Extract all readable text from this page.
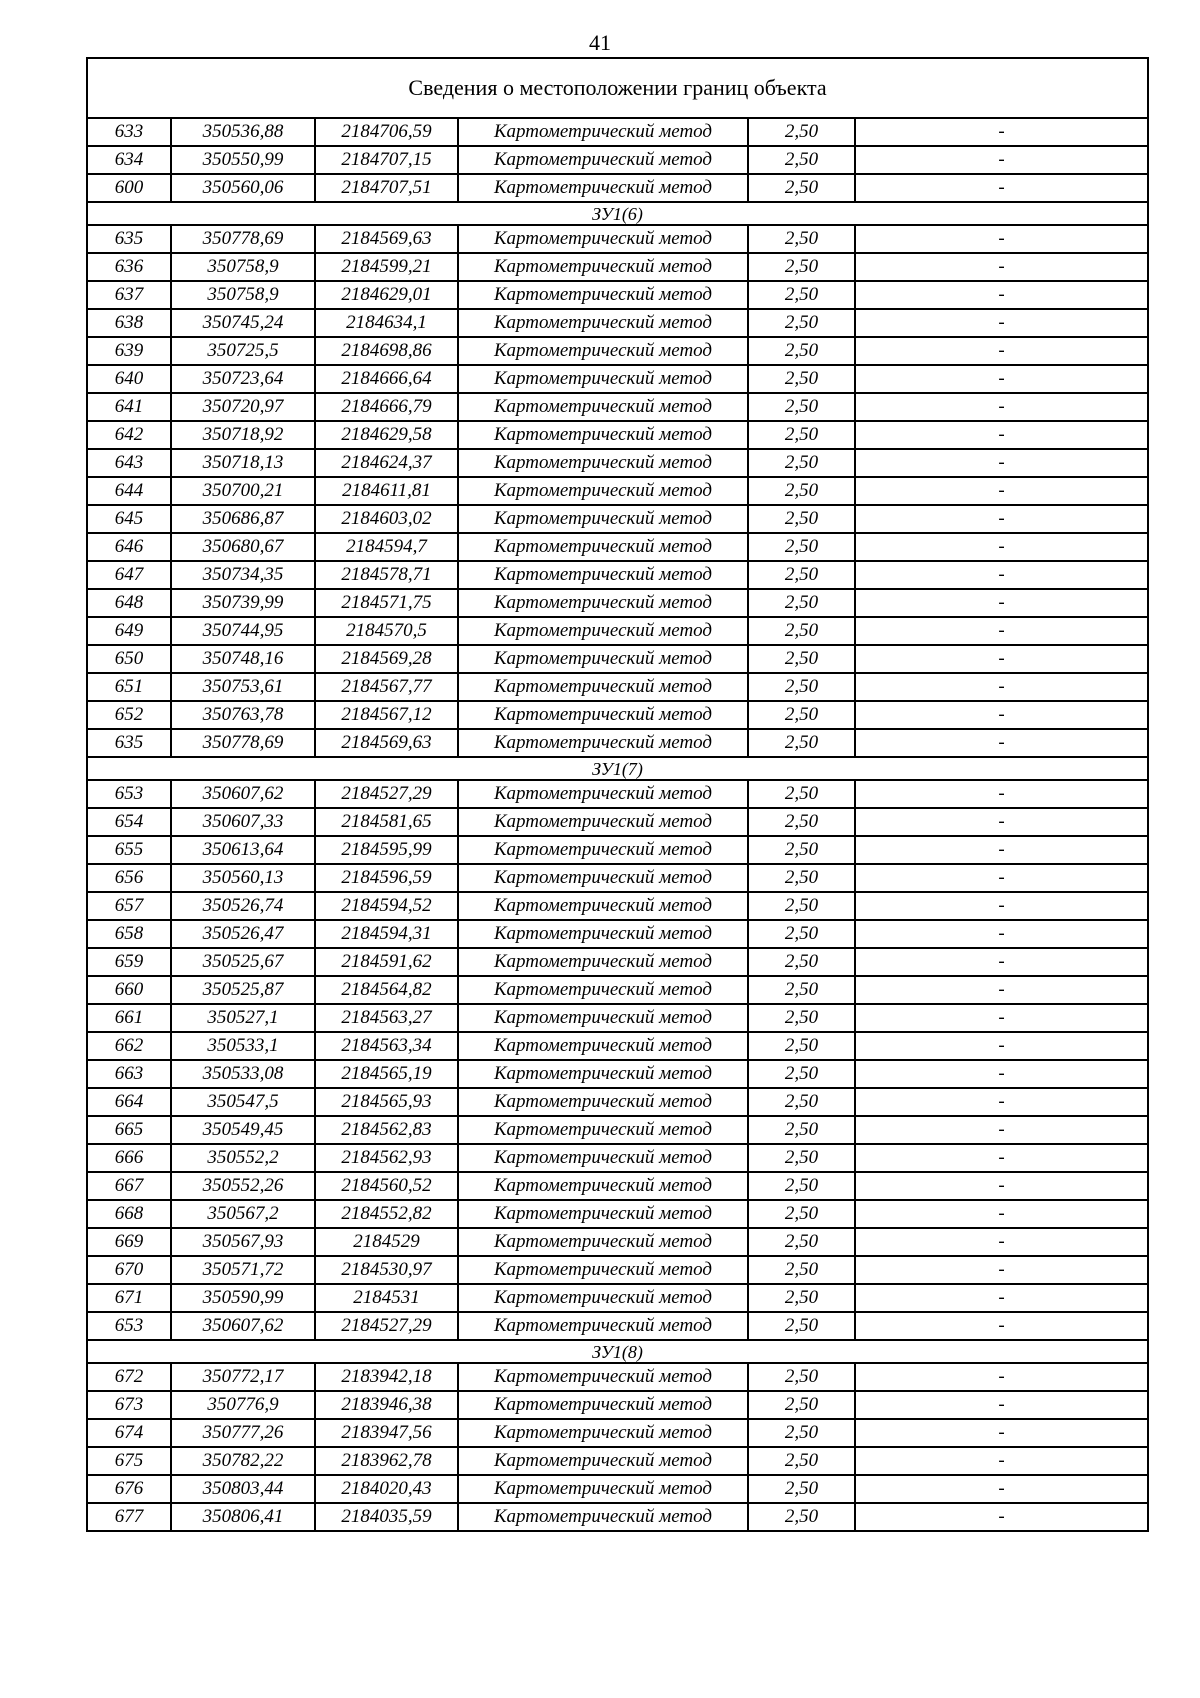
41
Сведения о местоположении границ объекта					
633	350536,88	2184706,59	Картометрический метод	2,50	-
634	350550,99	2184707,15	Картометрический метод	2,50	-
600	350560,06	2184707,51	Картометрический метод	2,50	-
ЗУ1(6)					
635	350778,69	2184569,63	Картометрический метод	2,50	-
636	350758,9	2184599,21	Картометрический метод	2,50	-
637	350758,9	2184629,01	Картометрический метод	2,50	-
638	350745,24	2184634,1	Картометрический метод	2,50	-
639	350725,5	2184698,86	Картометрический метод	2,50	-
640	350723,64	2184666,64	Картометрический метод	2,50	-
641	350720,97	2184666,79	Картометрический метод	2,50	-
642	350718,92	2184629,58	Картометрический метод	2,50	-
643	350718,13	2184624,37	Картометрический метод	2,50	-
644	350700,21	2184611,81	Картометрический метод	2,50	-
645	350686,87	2184603,02	Картометрический метод	2,50	-
646	350680,67	2184594,7	Картометрический метод	2,50	-
647	350734,35	2184578,71	Картометрический метод	2,50	-
648	350739,99	2184571,75	Картометрический метод	2,50	-
649	350744,95	2184570,5	Картометрический метод	2,50	-
650	350748,16	2184569,28	Картометрический метод	2,50	-
651	350753,61	2184567,77	Картометрический метод	2,50	-
652	350763,78	2184567,12	Картометрический метод	2,50	-
635	350778,69	2184569,63	Картометрический метод	2,50	-
ЗУ1(7)					
653	350607,62	2184527,29	Картометрический метод	2,50	-
654	350607,33	2184581,65	Картометрический метод	2,50	-
655	350613,64	2184595,99	Картометрический метод	2,50	-
656	350560,13	2184596,59	Картометрический метод	2,50	-
657	350526,74	2184594,52	Картометрический метод	2,50	-
658	350526,47	2184594,31	Картометрический метод	2,50	-
659	350525,67	2184591,62	Картометрический метод	2,50	-
660	350525,87	2184564,82	Картометрический метод	2,50	-
661	350527,1	2184563,27	Картометрический метод	2,50	-
662	350533,1	2184563,34	Картометрический метод	2,50	-
663	350533,08	2184565,19	Картометрический метод	2,50	-
664	350547,5	2184565,93	Картометрический метод	2,50	-
665	350549,45	2184562,83	Картометрический метод	2,50	-
666	350552,2	2184562,93	Картометрический метод	2,50	-
667	350552,26	2184560,52	Картометрический метод	2,50	-
668	350567,2	2184552,82	Картометрический метод	2,50	-
669	350567,93	2184529	Картометрический метод	2,50	-
670	350571,72	2184530,97	Картометрический метод	2,50	-
671	350590,99	2184531	Картометрический метод	2,50	-
653	350607,62	2184527,29	Картометрический метод	2,50	-
ЗУ1(8)					
672	350772,17	2183942,18	Картометрический метод	2,50	-
673	350776,9	2183946,38	Картометрический метод	2,50	-
674	350777,26	2183947,56	Картометрический метод	2,50	-
675	350782,22	2183962,78	Картометрический метод	2,50	-
676	350803,44	2184020,43	Картометрический метод	2,50	-
677	350806,41	2184035,59	Картометрический метод	2,50	-
